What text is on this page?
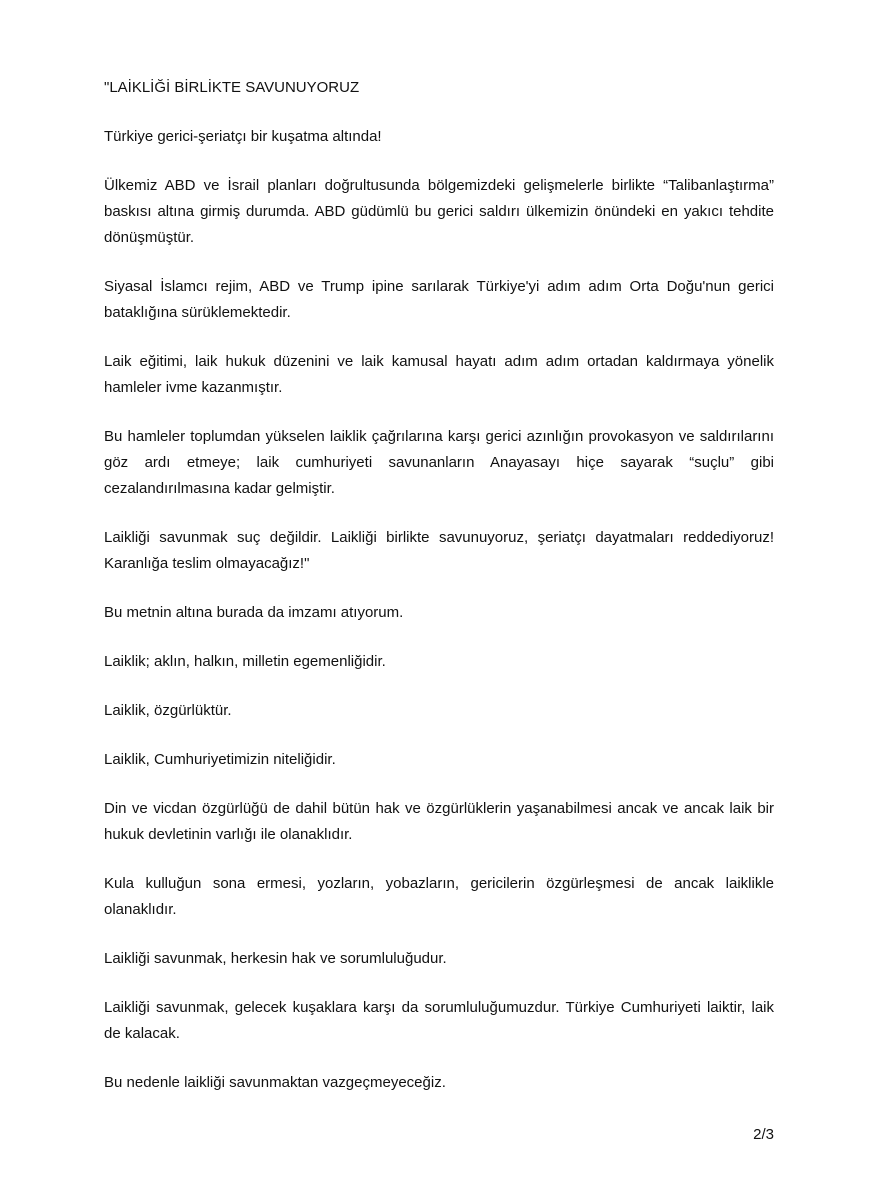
"LAİKLİĞİ BİRLİKTE SAVUNUYORUZ

Türkiye gerici-şeriatçı bir kuşatma altında!

Ülkemiz ABD ve İsrail planları doğrultusunda bölgemizdeki gelişmelerle birlikte “Talibanlaştırma” baskısı altına girmiş durumda. ABD güdümlü bu gerici saldırı ülkemizin önündeki en yakıcı tehdite dönüşmüştür.

Siyasal İslamcı rejim, ABD ve Trump ipine sarılarak Türkiye'yi adım adım Orta Doğu'nun gerici bataklığına sürüklemektedir.

Laik eğitimi, laik hukuk düzenini ve laik kamusal hayatı adım adım ortadan kaldırmaya yönelik hamleler ivme kazanmıştır.

Bu hamleler toplumdan yükselen laiklik çağrılarına karşı gerici azınlığın provokasyon ve saldırılarını göz ardı etmeye; laik cumhuriyeti savunanların Anayasayı hiçe sayarak “suçlu” gibi cezalandırılmasına kadar gelmiştir.

Laikliği savunmak suç değildir. Laikliği birlikte savunuyoruz, şeriatçı dayatmaları reddediyoruz! Karanlığa teslim olmayacağız!"

Bu metnin altına burada da imzamı atıyorum.

Laiklik; aklın, halkın, milletin egemenliğidir.

Laiklik, özgürlüktür.

Laiklik, Cumhuriyetimizin niteliğidir.

Din ve vicdan özgürlüğü de dahil bütün hak ve özgürlüklerin yaşanabilmesi ancak ve ancak laik bir hukuk devletinin varlığı ile olanaklıdır.

Kula kulluğun sona ermesi, yozların, yobazların, gericilerin özgürleşmesi de ancak laiklikle olanaklıdır.

Laikliği savunmak, herkesin hak ve sorumluluğudur.

Laikliği savunmak, gelecek kuşaklara karşı da sorumluluğumuzdur. Türkiye Cumhuriyeti laiktir, laik de kalacak.

Bu nedenle laikliği savunmaktan vazgeçmeyeceğiz.

2/3
